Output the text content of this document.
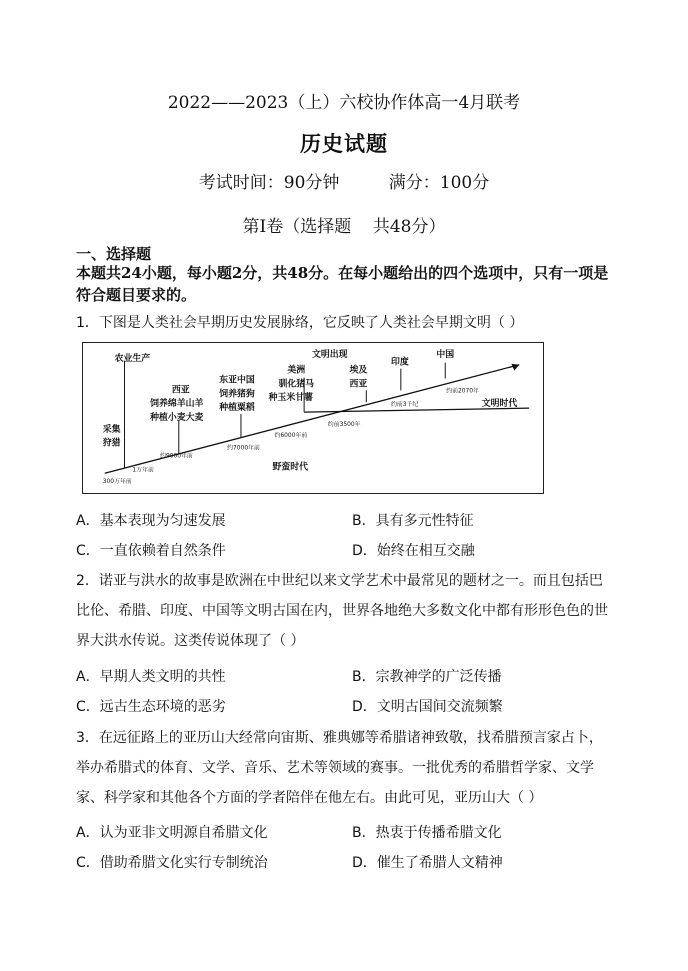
2022——2023（上）六校协作体高一4月联考
历史试题
考试时间：90分钟	满分：100分
第Ⅰ卷（选择题    共48分）
一、选择题
本题共24小题，每小题2分，共48分。在每小题给出的四个选项中，只有一项是符合题目要求的。
1．下图是人类社会早期历史发展脉络，它反映了人类社会早期文明（ ）
农业生产
采集
狩猎
西亚
饲养绵羊山羊
种植小麦大麦
东亚中国
饲养猪狗
种植粟稻
美洲
驯化猪马
种玉米甘薯
文明出现
埃及
西亚
印度
中国
文明时代
野蛮时代
300万年前
1万年前
约9000年前
约7000年前
约6000年前
约前3500年
约前3千纪
约前2070年
A．基本表现为匀速发展	B．具有多元性特征
C．一直依赖着自然条件	D．始终在相互交融
2．诺亚与洪水的故事是欧洲在中世纪以来文学艺术中最常见的题材之一。而且包括巴比伦、希腊、印度、中国等文明古国在内，世界各地绝大多数文化中都有形形色色的世界大洪水传说。这类传说体现了（ ）
A．早期人类文明的共性	B．宗教神学的广泛传播
C．远古生态环境的恶劣	D．文明古国间交流频繁
3．在远征路上的亚历山大经常向宙斯、雅典娜等希腊诸神致敬，找希腊预言家占卜，举办希腊式的体育、文学、音乐、艺术等领域的赛事。一批优秀的希腊哲学家、文学家、科学家和其他各个方面的学者陪伴在他左右。由此可见，亚历山大（ ）
A．认为亚非文明源自希腊文化	B．热衷于传播希腊文化
C．借助希腊文化实行专制统治	D．催生了希腊人文精神
